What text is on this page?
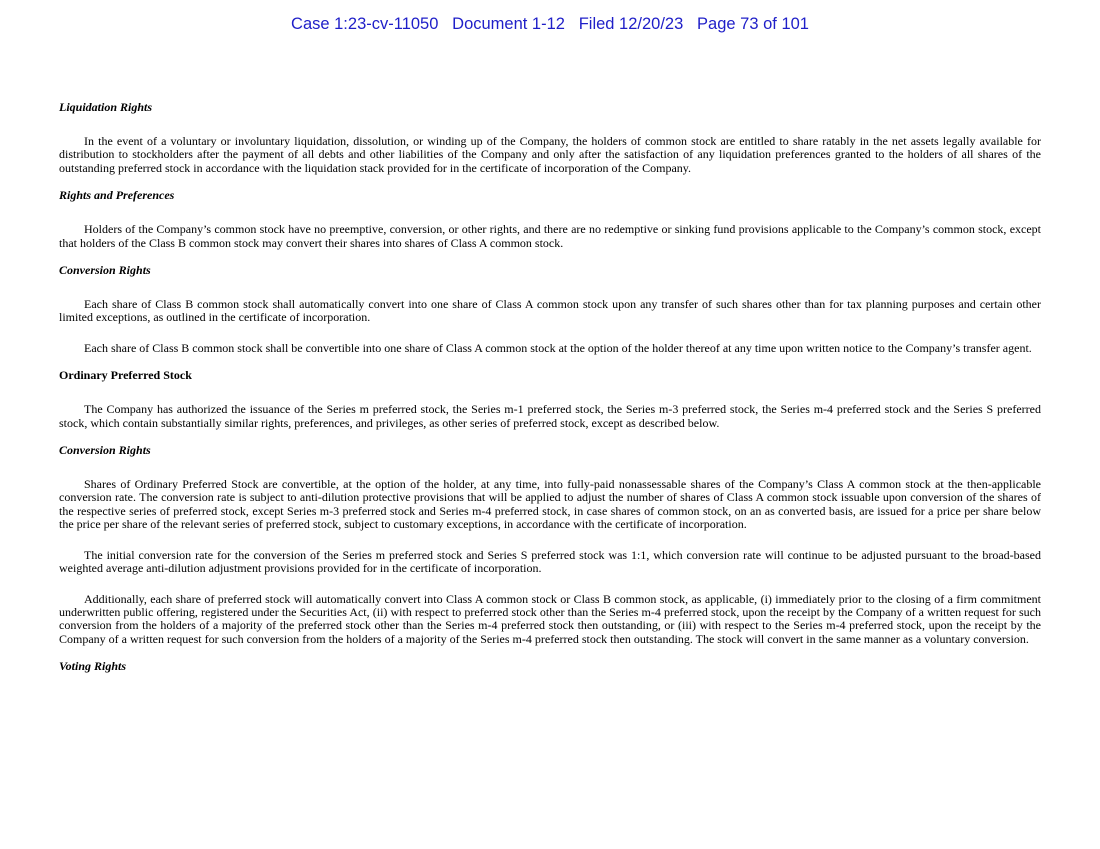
Case 1:23-cv-11050   Document 1-12   Filed 12/20/23   Page 73 of 101
Liquidation Rights

In the event of a voluntary or involuntary liquidation, dissolution, or winding up of the Company, the holders of common stock are entitled to share ratably in the net assets legally available for distribution to stockholders after the payment of all debts and other liabilities of the Company and only after the satisfaction of any liquidation preferences granted to the holders of all shares of the outstanding preferred stock in accordance with the liquidation stack provided for in the certificate of incorporation of the Company.

Rights and Preferences

Holders of the Company’s common stock have no preemptive, conversion, or other rights, and there are no redemptive or sinking fund provisions applicable to the Company’s common stock, except that holders of the Class B common stock may convert their shares into shares of Class A common stock.

Conversion Rights

Each share of Class B common stock shall automatically convert into one share of Class A common stock upon any transfer of such shares other than for tax planning purposes and certain other limited exceptions, as outlined in the certificate of incorporation.

Each share of Class B common stock shall be convertible into one share of Class A common stock at the option of the holder thereof at any time upon written notice to the Company’s transfer agent.

Ordinary Preferred Stock

The Company has authorized the issuance of the Series m preferred stock, the Series m-1 preferred stock, the Series m-3 preferred stock, the Series m-4 preferred stock and the Series S preferred stock, which contain substantially similar rights, preferences, and privileges, as other series of preferred stock, except as described below.

Conversion Rights

Shares of Ordinary Preferred Stock are convertible, at the option of the holder, at any time, into fully-paid nonassessable shares of the Company’s Class A common stock at the then-applicable conversion rate. The conversion rate is subject to anti-dilution protective provisions that will be applied to adjust the number of shares of Class A common stock issuable upon conversion of the shares of the respective series of preferred stock, except Series m-3 preferred stock and Series m-4 preferred stock, in case shares of common stock, on an as converted basis, are issued for a price per share below the price per share of the relevant series of preferred stock, subject to customary exceptions, in accordance with the certificate of incorporation.

The initial conversion rate for the conversion of the Series m preferred stock and Series S preferred stock was 1:1, which conversion rate will continue to be adjusted pursuant to the broad-based weighted average anti-dilution adjustment provisions provided for in the certificate of incorporation.

Additionally, each share of preferred stock will automatically convert into Class A common stock or Class B common stock, as applicable, (i) immediately prior to the closing of a firm commitment underwritten public offering, registered under the Securities Act, (ii) with respect to preferred stock other than the Series m-4 preferred stock, upon the receipt by the Company of a written request for such conversion from the holders of a majority of the preferred stock other than the Series m-4 preferred stock then outstanding, or (iii) with respect to the Series m-4 preferred stock, upon the receipt by the Company of a written request for such conversion from the holders of a majority of the Series m-4 preferred stock then outstanding. The stock will convert in the same manner as a voluntary conversion.

Voting Rights
